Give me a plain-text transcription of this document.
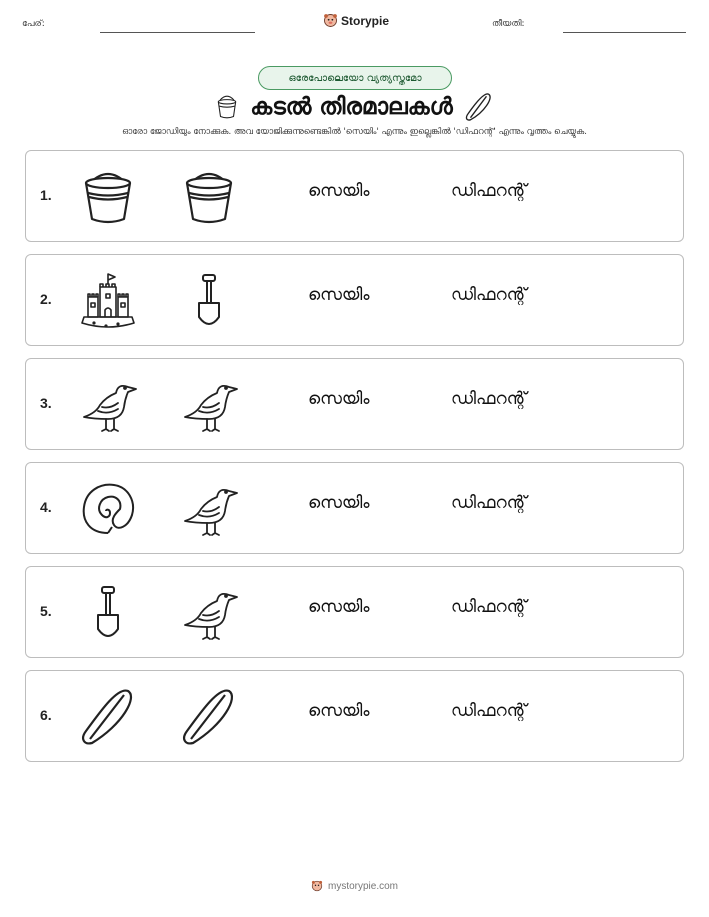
പേര്:	Storypie	തീയതി:
ഒരേപോലെയോ വ്യത്യസ്തമോ
കടൽ തിരമാലകൾ
ഓരോ ജോഡിയും നോക്കുക. അവ യോജിക്കുന്നുണ്ടെങ്കിൽ 'സെയിം' എന്നും ഇല്ലെങ്കിൽ 'ഡിഫറന്റ്' എന്നും വൃത്തം ചെയ്യുക.
1.	സെയിം	ഡിഫറന്റ്
2.	സെയിം	ഡിഫറന്റ്
3.	സെയിം	ഡിഫറന്റ്
4.	സെയിം	ഡിഫറന്റ്
5.	സെയിം	ഡിഫറന്റ്
6.	സെയിം	ഡിഫറന്റ്
mystorypie.com
